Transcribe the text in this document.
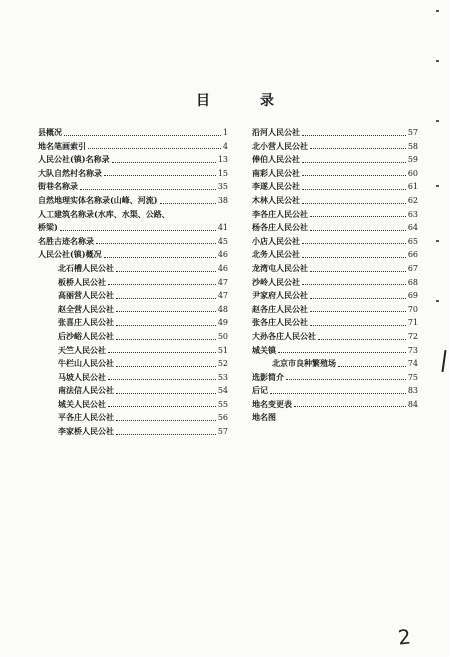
目	录
县概况	1
地名笔画索引	4
人民公社(镇)名称录	13
大队自然村名称录	15
街巷名称录	35
自然地理实体名称录(山峰、河流)	38
人工建筑名称录(水库、水渠、公路、
桥梁)	41
名胜古迹名称录	45
人民公社(镇)概况	46
北石槽人民公社	46
板桥人民公社	47
高丽营人民公社	47
赵全营人民公社	48
张喜庄人民公社	49
后沙峪人民公社	50
天竺人民公社	51
牛栏山人民公社	52
马坡人民公社	53
南法信人民公社	54
城关人民公社	55
平各庄人民公社	56
李家桥人民公社	57
沿河人民公社	57
北小营人民公社	58
俸伯人民公社	59
南彩人民公社	60
李遂人民公社	61
木林人民公社	62
李各庄人民公社	63
杨各庄人民公社	64
小店人民公社	65
北务人民公社	66
龙湾屯人民公社	67
沙岭人民公社	68
尹家府人民公社	69
赵各庄人民公社	70
张各庄人民公社	71
大孙各庄人民公社	72
城关镇	73
北京市良种繁殖场	74
选影简介	75
后记	83
地名变更表	84
地名图
2
